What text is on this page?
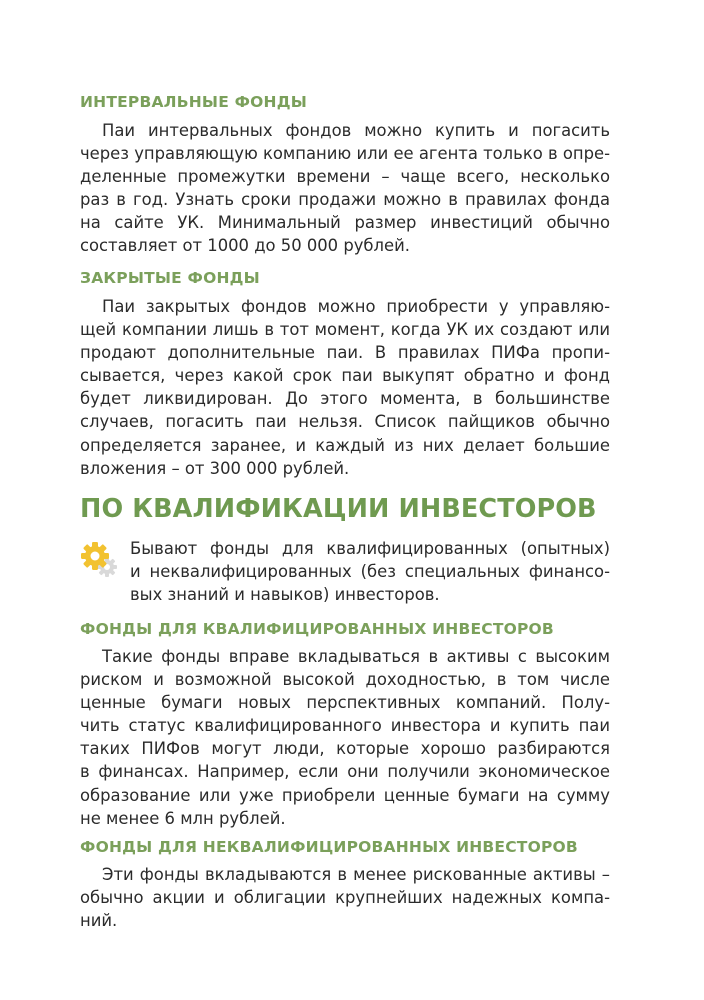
ИНТЕРВАЛЬНЫЕ ФОНДЫ
Паи интервальных фондов можно купить и погасить
через управляющую компанию или ее агента только в опре-
деленные промежутки времени – чаще всего, несколько
раз в год. Узнать сроки продажи можно в правилах фонда
на сайте УК. Минимальный размер инвестиций обычно
составляет от 1000 до 50 000 рублей.
ЗАКРЫТЫЕ ФОНДЫ
Паи закрытых фондов можно приобрести у управляю-
щей компании лишь в тот момент, когда УК их создают или
продают дополнительные паи. В правилах ПИФа пропи-
сывается, через какой срок паи выкупят обратно и фонд
будет ликвидирован. До этого момента, в большинстве
случаев, погасить паи нельзя. Список пайщиков обычно
определяется заранее, и каждый из них делает большие
вложения – от 300 000 рублей.
ПО КВАЛИФИКАЦИИ ИНВЕСТОРОВ
Бывают фонды для квалифицированных (опытных)
и неквалифицированных (без специальных финансо-
вых знаний и навыков) инвесторов.
ФОНДЫ ДЛЯ КВАЛИФИЦИРОВАННЫХ ИНВЕСТОРОВ
Такие фонды вправе вкладываться в активы с высоким
риском и возможной высокой доходностью, в том числе
ценные бумаги новых перспективных компаний. Полу-
чить статус квалифицированного инвестора и купить паи
таких ПИФов могут люди, которые хорошо разбираются
в финансах. Например, если они получили экономическое
образование или уже приобрели ценные бумаги на сумму
не менее 6 млн рублей.
ФОНДЫ ДЛЯ НЕКВАЛИФИЦИРОВАННЫХ ИНВЕСТОРОВ
Эти фонды вкладываются в менее рискованные активы –
обычно акции и облигации крупнейших надежных компа-
ний.
